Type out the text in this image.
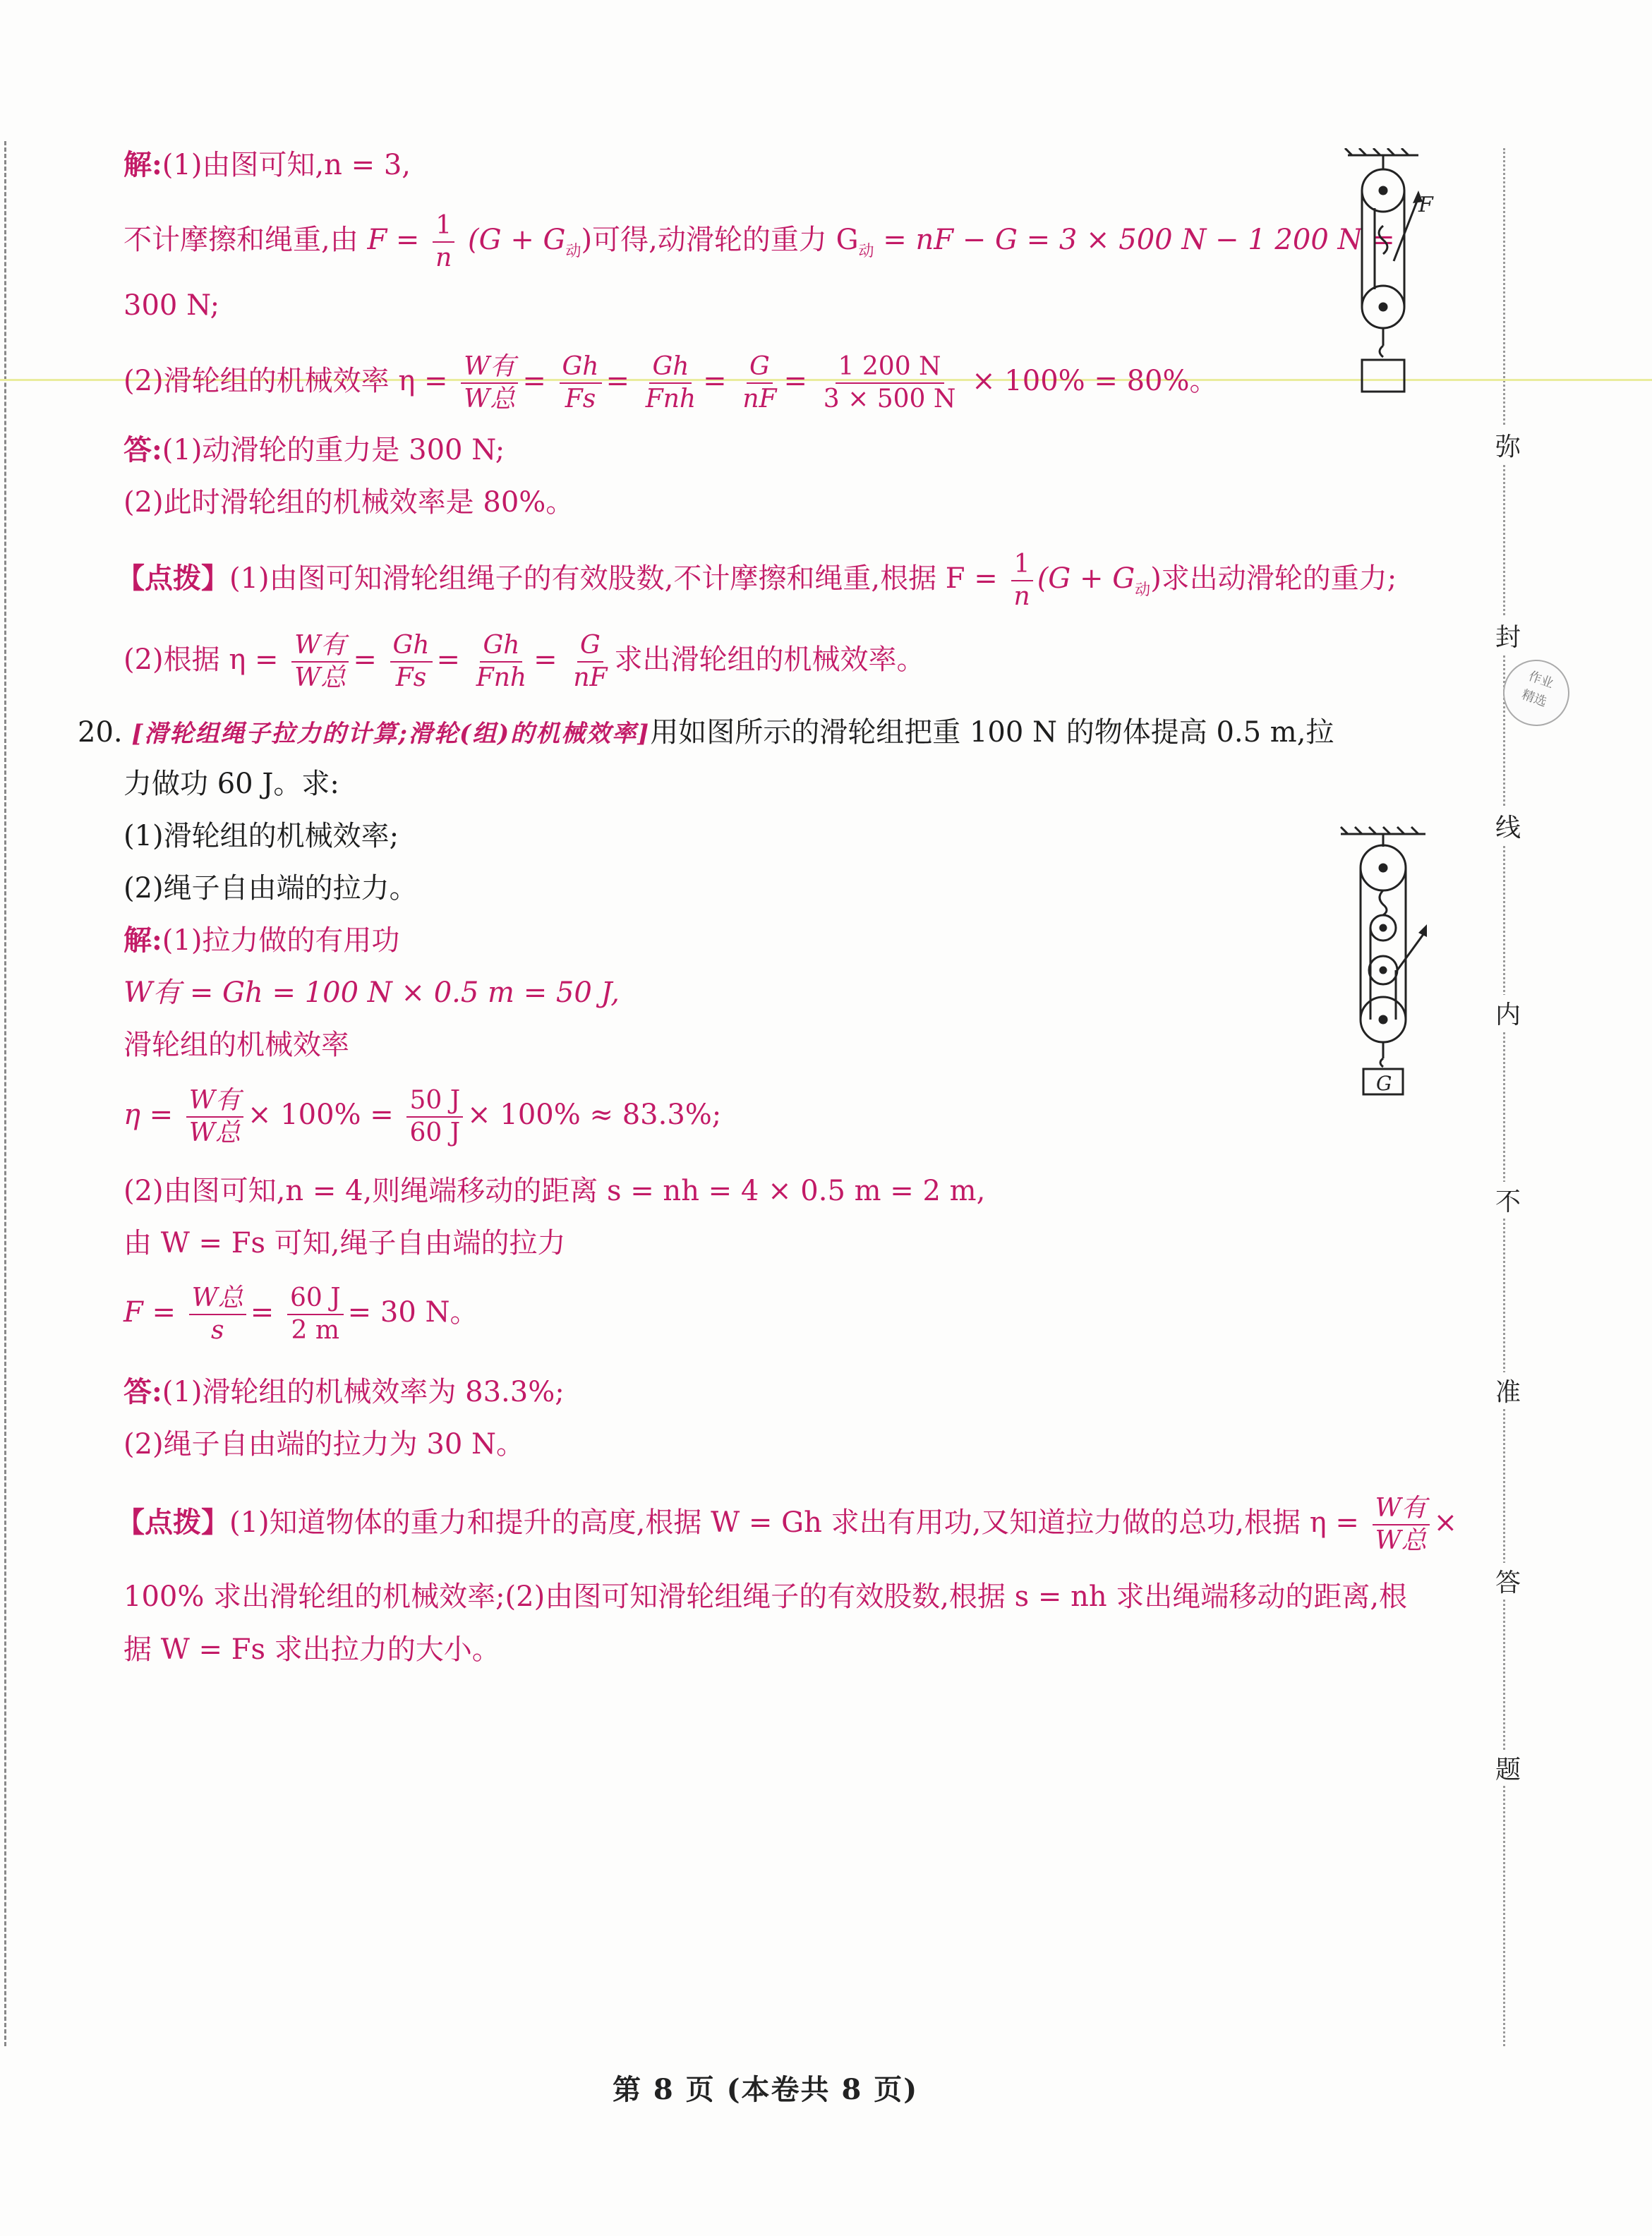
弥
封
线
内
不
准
答
题
作业
精选
解:(1)由图可知,n = 3,
不计摩擦和绳重,由 $F = \frac{1}{n} (G + G_动)$可得,动滑轮的重力 $G_动$ = nF − G = 3 × 500 N − 1 200 N =
300 N;
(2)滑轮组的机械效率 $\eta = \frac{\text{W有}}{\text{W总}} = \frac{Gh}{Fs} = \frac{Gh}{\text{Fnh}} = \frac{G}{nF} = \frac{1 200 N}{3 \times 500 N} \times 100\% = 80\%$。
答:(1)动滑轮的重力是 300 N;
(2)此时滑轮组的机械效率是 80%。
【点拨】(1)由图可知滑轮组绳子的有效股数,不计摩擦和绳重,根据 $F = \frac{1}{n} (G + G_动)$求出动滑轮的重力;
(2)根据 $\eta = \frac{\text{W有}}{\text{W总}} = \frac{Gh}{Fs} = \frac{Gh}{\text{Fnh}} = \frac{G}{nF}$ 求出滑轮组的机械效率。
F
20. [滑轮组绳子拉力的计算;滑轮(组)的机械效率]用如图所示的滑轮组把重 100 N 的物体提高 0.5 m,拉
力做功 60 J。求:
(1)滑轮组的机械效率;
(2)绳子自由端的拉力。
解:(1)拉力做的有用功
W有 = Gh = 100 N × 0.5 m = 50 J,
滑轮组的机械效率
$\eta = \frac{\text{W有}}{\text{W总}} \times 100\% = \frac{50 J}{60 J} \times 100\% \approx 83.3\%$;
(2)由图可知,n = 4,则绳端移动的距离 s = nh = 4 × 0.5 m = 2 m,
由 W = Fs 可知,绳子自由端的拉力
$F = \frac{\text{W总}}{s} = \frac{60 J}{2 m} = 30$ N。
答:(1)滑轮组的机械效率为 83.3%;
(2)绳子自由端的拉力为 30 N。
【点拨】(1)知道物体的重力和提升的高度,根据 W = Gh 求出有用功,又知道拉力做的总功,根据 $\eta = \frac{\text{W有}}{\text{W总}}$ ×
100% 求出滑轮组的机械效率;(2)由图可知滑轮组绳子的有效股数,根据 s = nh 求出绳端移动的距离,根
据 W = Fs 求出拉力的大小。
G
第 8 页 (本卷共 8 页)
